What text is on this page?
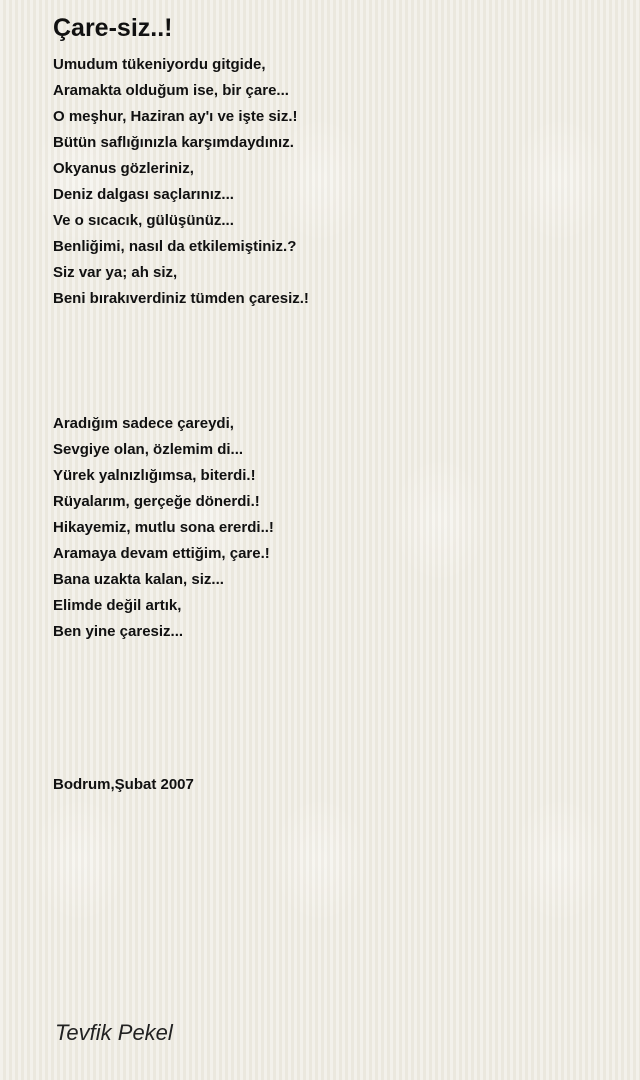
Çare-siz..!
Umudum tükeniyordu gitgide,
Aramakta olduğum ise, bir çare...
O meşhur, Haziran ay'ı ve işte siz.!
Bütün saflığınızla karşımdaydınız.
Okyanus gözleriniz,
Deniz dalgası saçlarınız...
Ve o sıcacık, gülüşünüz...
Benliğimi, nasıl da etkilemiştiniz.?
Siz var ya; ah siz,
Beni bırakıverdiniz tümden çaresiz.!
Aradığım sadece çareydi,
Sevgiye olan, özlemim di...
Yürek yalnızlığımsa, biterdi.!
Rüyalarım, gerçeğe dönerdi.!
Hikayemiz, mutlu sona ererdi..!
Aramaya devam ettiğim, çare.!
Bana uzakta kalan, siz...
Elimde değil artık,
Ben yine çaresiz...
Bodrum,Şubat 2007
Tevfik Pekel
